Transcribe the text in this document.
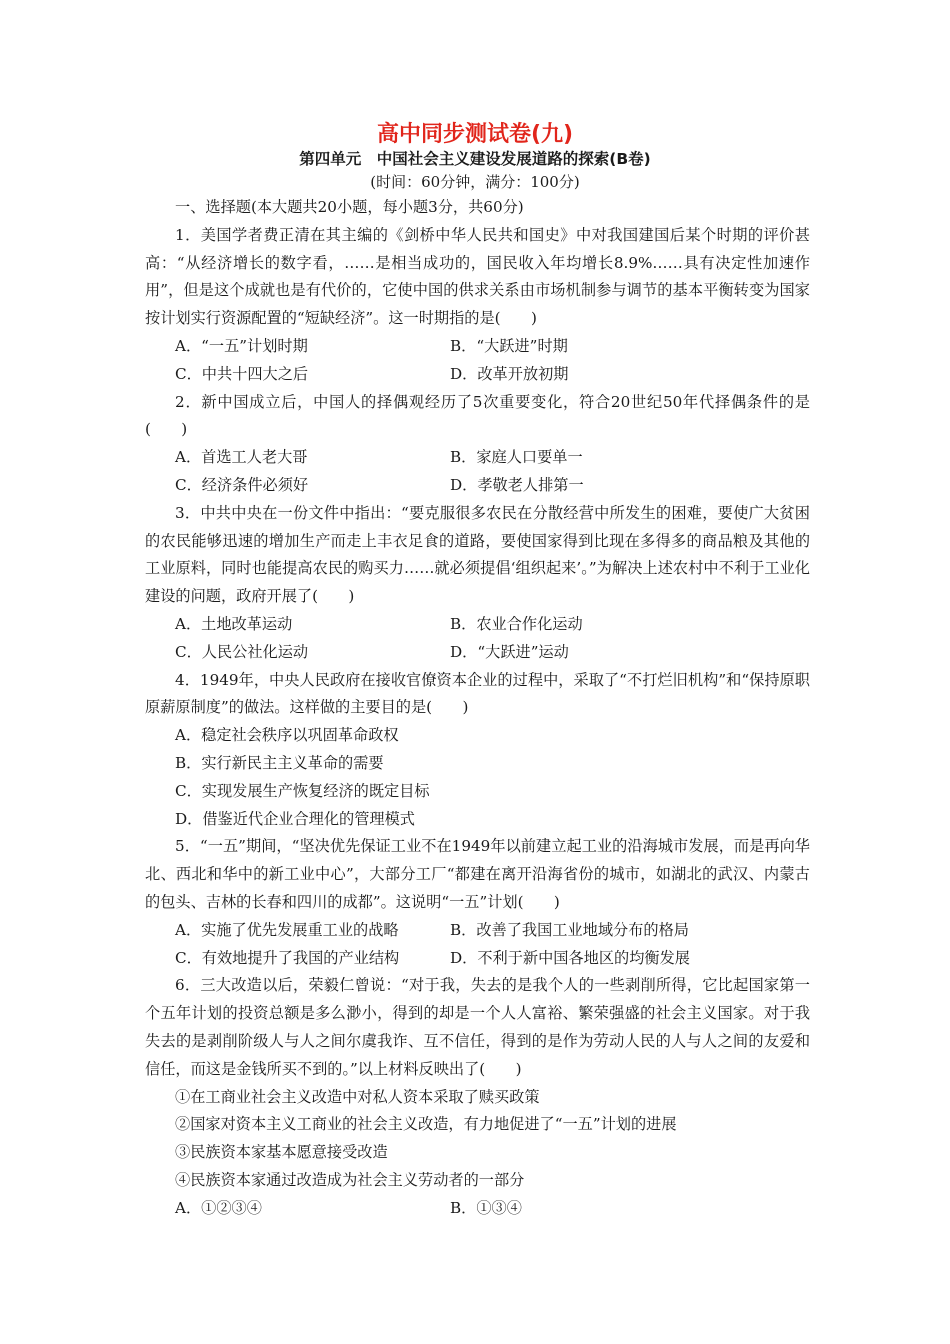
高中同步测试卷(九)
第四单元　中国社会主义建设发展道路的探索(B卷)
(时间：60分钟，满分：100分)

一、选择题(本大题共20小题，每小题3分，共60分)

1．美国学者费正清在其主编的《剑桥中华人民共和国史》中对我国建国后某个时期的评价甚高：“从经济增长的数字看，……是相当成功的，国民收入年均增长8.9%……具有决定性加速作用”，但是这个成就也是有代价的，它使中国的供求关系由市场机制参与调节的基本平衡转变为国家按计划实行资源配置的“短缺经济”。这一时期指的是(　　)

A．“一五”计划时期	B．“大跃进”时期
C．中共十四大之后	D．改革开放初期

2．新中国成立后，中国人的择偶观经历了5次重要变化，符合20世纪50年代择偶条件的是(　　)

A．首选工人老大哥	B．家庭人口要单一
C．经济条件必须好	D．孝敬老人排第一

3．中共中央在一份文件中指出：“要克服很多农民在分散经营中所发生的困难，要使广大贫困的农民能够迅速的增加生产而走上丰衣足食的道路，要使国家得到比现在多得多的商品粮及其他的工业原料，同时也能提高农民的购买力……就必须提倡‘组织起来’。”为解决上述农村中不利于工业化建设的问题，政府开展了(　　)

A．土地改革运动	B．农业合作化运动
C．人民公社化运动	D．“大跃进”运动

4．1949年，中央人民政府在接收官僚资本企业的过程中，采取了“不打烂旧机构”和“保持原职原薪原制度”的做法。这样做的主要目的是(　　)

A．稳定社会秩序以巩固革命政权

B．实行新民主主义革命的需要

C．实现发展生产恢复经济的既定目标

D．借鉴近代企业合理化的管理模式

5．“一五”期间，“坚决优先保证工业不在1949年以前建立起工业的沿海城市发展，而是再向华北、西北和华中的新工业中心”，大部分工厂“都建在离开沿海省份的城市，如湖北的武汉、内蒙古的包头、吉林的长春和四川的成都”。这说明“一五”计划(　　)

A．实施了优先发展重工业的战略	B．改善了我国工业地域分布的格局
C．有效地提升了我国的产业结构	D．不利于新中国各地区的均衡发展

6．三大改造以后，荣毅仁曾说：“对于我，失去的是我个人的一些剥削所得，它比起国家第一个五年计划的投资总额是多么渺小，得到的却是一个人人富裕、繁荣强盛的社会主义国家。对于我失去的是剥削阶级人与人之间尔虞我诈、互不信任，得到的是作为劳动人民的人与人之间的友爱和信任，而这是金钱所买不到的。”以上材料反映出了(　　)

①在工商业社会主义改造中对私人资本采取了赎买政策

②国家对资本主义工商业的社会主义改造，有力地促进了“一五”计划的进展

③民族资本家基本愿意接受改造

④民族资本家通过改造成为社会主义劳动者的一部分

A．①②③④	B．①③④
